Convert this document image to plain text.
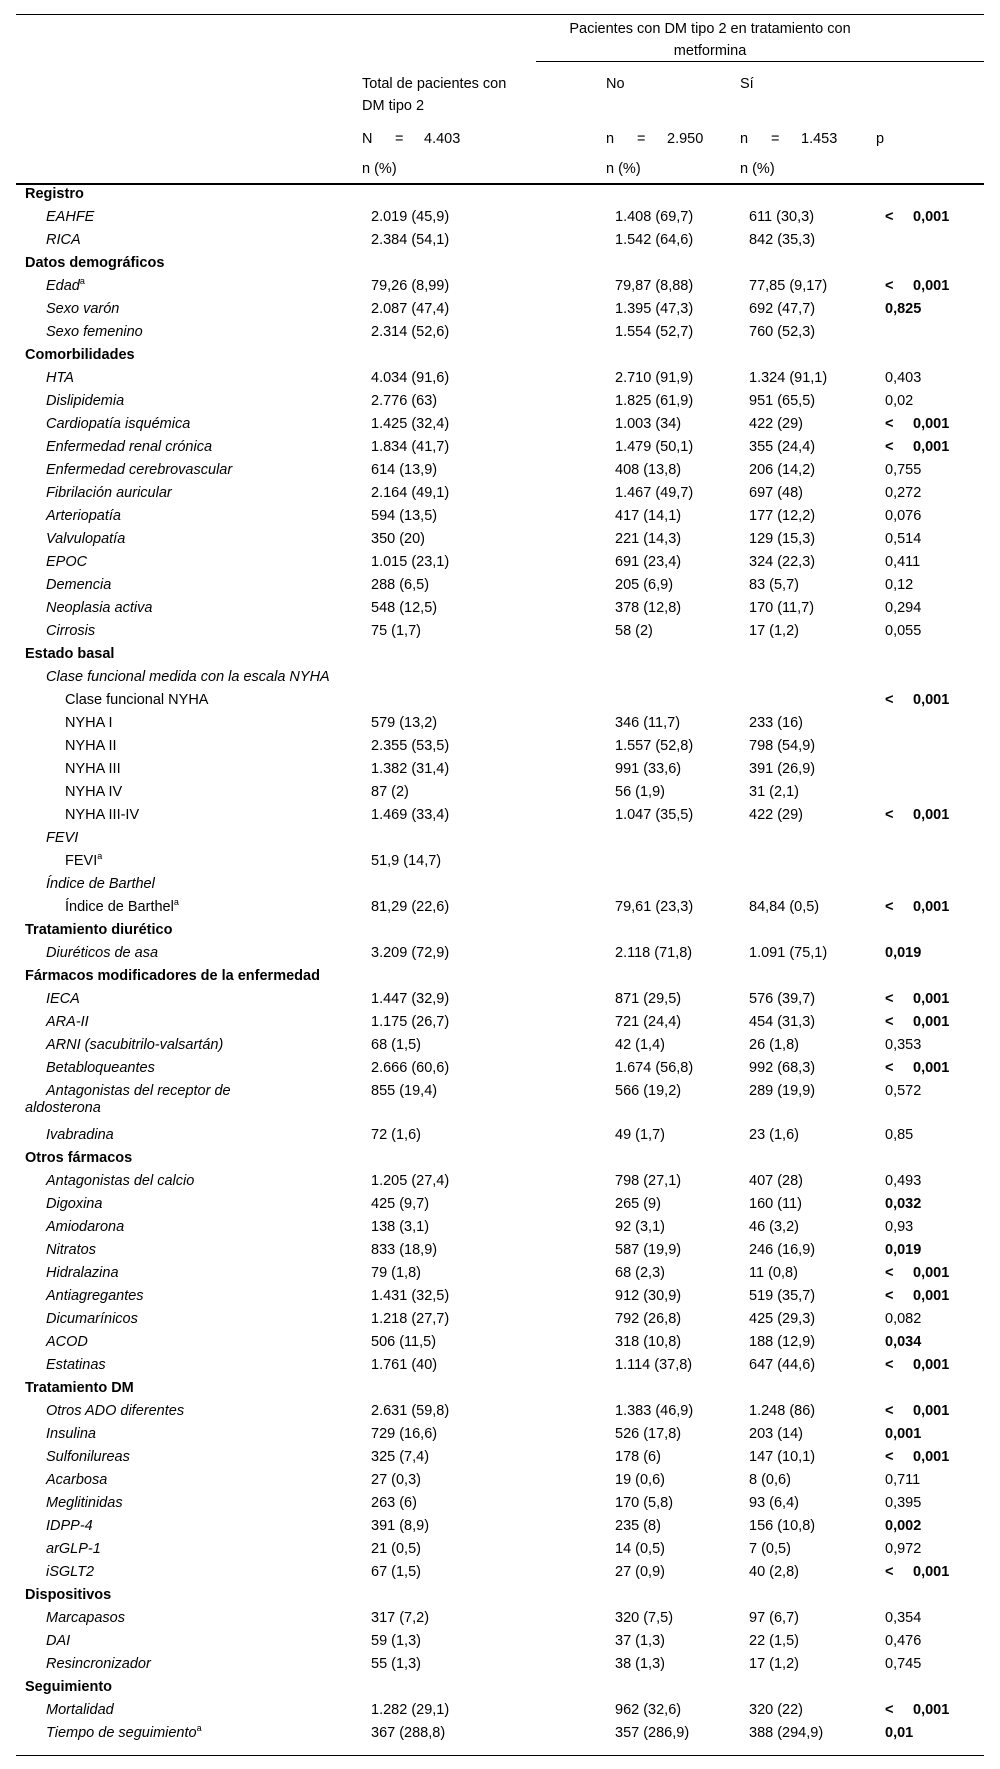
Pacientes con DM tipo 2 en tratamiento con metformina
Total de pacientes con DM tipo 2
No	Sí
N = 4.403	n = 2.950	n = 1.453	p
n (%)	n (%)	n (%)
Registro				
EAHFE	2.019 (45,9)	1.408 (69,7)	611 (30,3)	< 0,001
RICA	2.384 (54,1)	1.542 (64,6)	842 (35,3)	
Datos demográficos				
Edad$^a$	79,26 (8,99)	79,87 (8,88)	77,85 (9,17)	< 0,001
Sexo varón	2.087 (47,4)	1.395 (47,3)	692 (47,7)	0,825
Sexo femenino	2.314 (52,6)	1.554 (52,7)	760 (52,3)	
Comorbilidades				
HTA	4.034 (91,6)	2.710 (91,9)	1.324 (91,1)	0,403
Dislipidemia	2.776 (63)	1.825 (61,9)	951 (65,5)	0,02
Cardiopatía isquémica	1.425 (32,4)	1.003 (34)	422 (29)	< 0,001
Enfermedad renal crónica	1.834 (41,7)	1.479 (50,1)	355 (24,4)	< 0,001
Enfermedad cerebrovascular	614 (13,9)	408 (13,8)	206 (14,2)	0,755
Fibrilación auricular	2.164 (49,1)	1.467 (49,7)	697 (48)	0,272
Arteriopatía	594 (13,5)	417 (14,1)	177 (12,2)	0,076
Valvulopatía	350 (20)	221 (14,3)	129 (15,3)	0,514
EPOC	1.015 (23,1)	691 (23,4)	324 (22,3)	0,411
Demencia	288 (6,5)	205 (6,9)	83 (5,7)	0,12
Neoplasia activa	548 (12,5)	378 (12,8)	170 (11,7)	0,294
Cirrosis	75 (1,7)	58 (2)	17 (1,2)	0,055
Estado basal				
Clase funcional medida con la escala NYHA				
Clase funcional NYHA				< 0,001
NYHA I	579 (13,2)	346 (11,7)	233 (16)	
NYHA II	2.355 (53,5)	1.557 (52,8)	798 (54,9)	
NYHA III	1.382 (31,4)	991 (33,6)	391 (26,9)	
NYHA IV	87 (2)	56 (1,9)	31 (2,1)	
NYHA III-IV	1.469 (33,4)	1.047 (35,5)	422 (29)	< 0,001
FEVI				
FEVI$^a$	51,9 (14,7)			
Índice de Barthel				
Índice de Barthel$^a$	81,29 (22,6)	79,61 (23,3)	84,84 (0,5)	< 0,001
Tratamiento diurético				
Diuréticos de asa	3.209 (72,9)	2.118 (71,8)	1.091 (75,1)	0,019
Fármacos modificadores de la enfermedad				
IECA	1.447 (32,9)	871 (29,5)	576 (39,7)	< 0,001
ARA-II	1.175 (26,7)	721 (24,4)	454 (31,3)	< 0,001
ARNI (sacubitrilo-valsartán)	68 (1,5)	42 (1,4)	26 (1,8)	0,353
Betabloqueantes	2.666 (60,6)	1.674 (56,8)	992 (68,3)	< 0,001

Antagonistas del receptor de
aldosterona	855 (19,4)	566 (19,2)	289 (19,9)	0,572
Ivabradina	72 (1,6)	49 (1,7)	23 (1,6)	0,85
Otros fármacos				
Antagonistas del calcio	1.205 (27,4)	798 (27,1)	407 (28)	0,493
Digoxina	425 (9,7)	265 (9)	160 (11)	0,032
Amiodarona	138 (3,1)	92 (3,1)	46 (3,2)	0,93
Nitratos	833 (18,9)	587 (19,9)	246 (16,9)	0,019
Hidralazina	79 (1,8)	68 (2,3)	11 (0,8)	< 0,001
Antiagregantes	1.431 (32,5)	912 (30,9)	519 (35,7)	< 0,001
Dicumarínicos	1.218 (27,7)	792 (26,8)	425 (29,3)	0,082
ACOD	506 (11,5)	318 (10,8)	188 (12,9)	0,034
Estatinas	1.761 (40)	1.114 (37,8)	647 (44,6)	< 0,001
Tratamiento DM				
Otros ADO diferentes	2.631 (59,8)	1.383 (46,9)	1.248 (86)	< 0,001
Insulina	729 (16,6)	526 (17,8)	203 (14)	0,001
Sulfonilureas	325 (7,4)	178 (6)	147 (10,1)	< 0,001
Acarbosa	27 (0,3)	19 (0,6)	8 (0,6)	0,711
Meglitinidas	263 (6)	170 (5,8)	93 (6,4)	0,395
IDPP-4	391 (8,9)	235 (8)	156 (10,8)	0,002
arGLP-1	21 (0,5)	14 (0,5)	7 (0,5)	0,972
iSGLT2	67 (1,5)	27 (0,9)	40 (2,8)	< 0,001
Dispositivos				
Marcapasos	317 (7,2)	320 (7,5)	97 (6,7)	0,354
DAI	59 (1,3)	37 (1,3)	22 (1,5)	0,476
Resincronizador	55 (1,3)	38 (1,3)	17 (1,2)	0,745
Seguimiento				
Mortalidad	1.282 (29,1)	962 (32,6)	320 (22)	< 0,001
Tiempo de seguimiento$^a$	367 (288,8)	357 (286,9)	388 (294,9)	0,01
